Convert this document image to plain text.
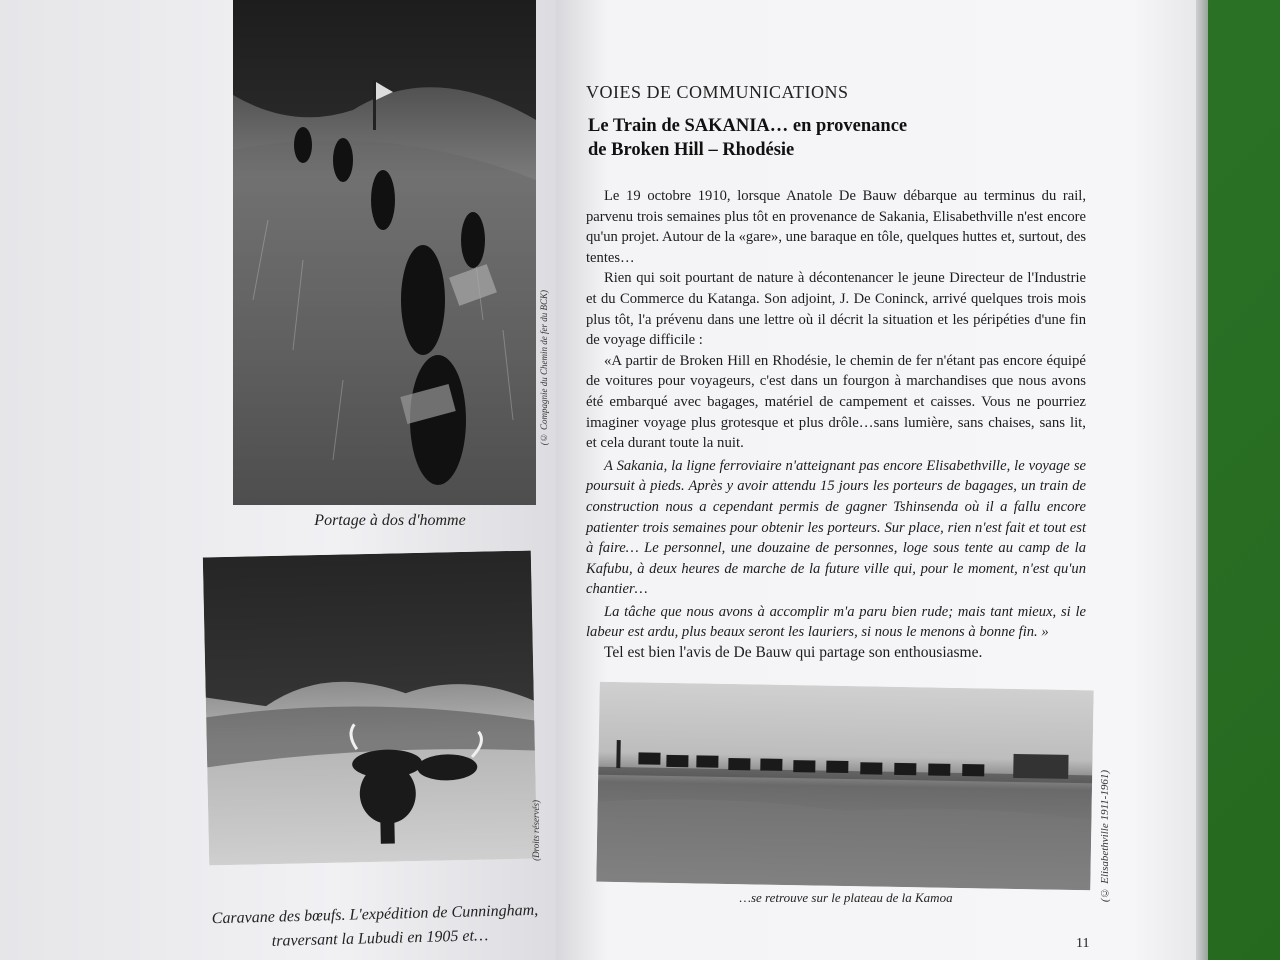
(© Compagnie du Chemin de fer du BCK)
Portage à dos d'homme
(Droits réservés)
Caravane des bœufs. L'expédition de Cunningham,
traversant la Lubudi en 1905 et…
VOIES DE COMMUNICATIONS
Le Train de SAKANIA… en provenance
de Broken Hill – Rhodésie

Le 19 octobre 1910, lorsque Anatole De Bauw débarque au terminus du rail, parvenu trois semaines plus tôt en provenance de Sakania, Elisabethville n'est encore qu'un projet. Autour de la «gare», une baraque en tôle, quelques huttes et, surtout, des tentes…

Rien qui soit pourtant de nature à décontenancer le jeune Directeur de l'Industrie et du Commerce du Katanga. Son adjoint, J. De Coninck, arrivé quelques trois mois plus tôt, l'a prévenu dans une lettre où il décrit la situation et les péripéties d'une fin de voyage difficile :

«A partir de Broken Hill en Rhodésie, le chemin de fer n'étant pas encore équipé de voitures pour voyageurs, c'est dans un fourgon à marchandises que nous avons été embarqué avec bagages, matériel de campement et caisses. Vous ne pourriez imaginer voyage plus grotesque et plus drôle…sans lumière, sans chaises, sans lit, et cela durant toute la nuit.

A Sakania, la ligne ferroviaire n'atteignant pas encore Elisabethville, le voyage se poursuit à pieds. Après y avoir attendu 15 jours les porteurs de bagages, un train de construction nous a cependant permis de gagner Tshinsenda où il a fallu encore patienter trois semaines pour obtenir les porteurs. Sur place, rien n'est fait et tout est à faire… Le personnel, une douzaine de personnes, loge sous tente au camp de la Kafubu, à deux heures de marche de la future ville qui, pour le moment, n'est qu'un chantier…

La tâche que nous avons à accomplir m'a paru bien rude; mais tant mieux, si le labeur est ardu, plus beaux seront les lauriers, si nous le menons à bonne fin. »

Tel est bien l'avis de De Bauw qui partage son enthousiasme.

…se retrouve sur le plateau de la Kamoa	(© Elisabethville 1911-1961)
11
